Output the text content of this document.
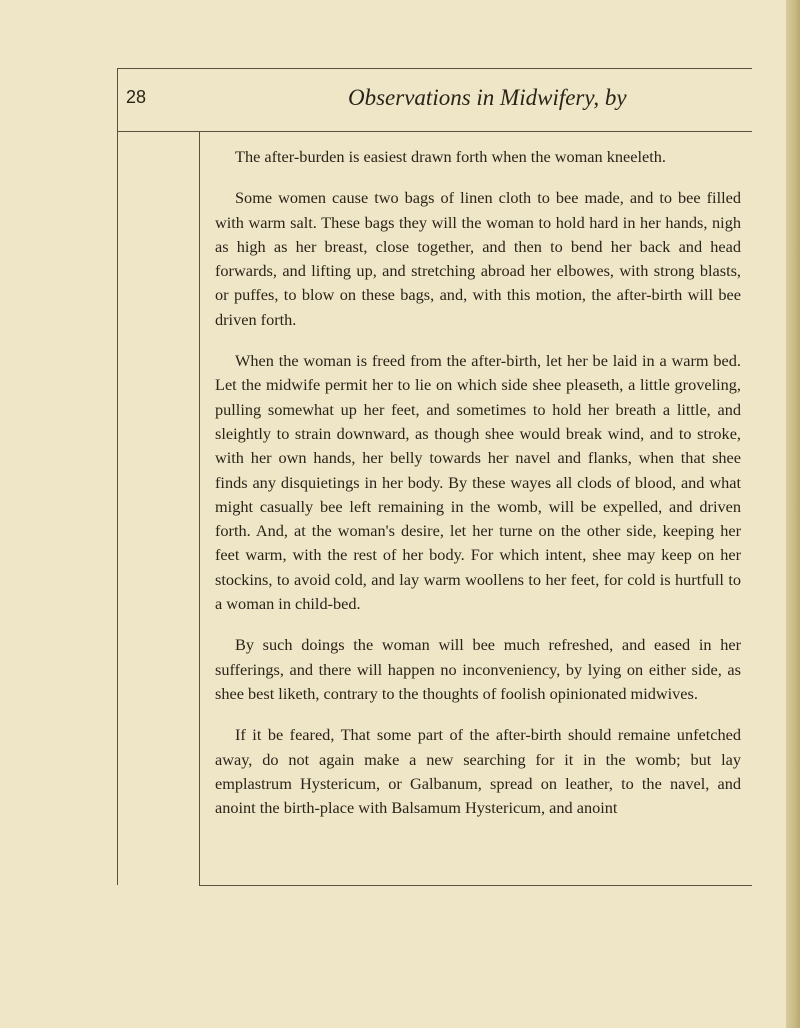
28	Observations in Midwifery, by

The after-burden is easiest drawn forth when the woman kneeleth.

Some women cause two bags of linen cloth to bee made, and to bee filled with warm salt. These bags they will the woman to hold hard in her hands, nigh as high as her breast, close together, and then to bend her back and head forwards, and lifting up, and stretching abroad her elbowes, with strong blasts, or puffes, to blow on these bags, and, with this motion, the after-birth will bee driven forth.

When the woman is freed from the after-birth, let her be laid in a warm bed. Let the midwife permit her to lie on which side shee pleaseth, a little groveling, pulling somewhat up her feet, and sometimes to hold her breath a little, and sleightly to strain downward, as though shee would break wind, and to stroke, with her own hands, her belly towards her navel and flanks, when that shee finds any disquietings in her body. By these wayes all clods of blood, and what might casually bee left remaining in the womb, will be expelled, and driven forth. And, at the woman's desire, let her turne on the other side, keeping her feet warm, with the rest of her body. For which intent, shee may keep on her stockins, to avoid cold, and lay warm woollens to her feet, for cold is hurtfull to a woman in child-bed.

By such doings the woman will bee much refreshed, and eased in her sufferings, and there will happen no inconveniency, by lying on either side, as shee best liketh, contrary to the thoughts of foolish opinionated midwives.

If it be feared, That some part of the after-birth should remaine unfetched away, do not again make a new searching for it in the womb; but lay emplastrum Hystericum, or Galbanum, spread on leather, to the navel, and anoint the birth-place with Balsamum Hystericum, and anoint
